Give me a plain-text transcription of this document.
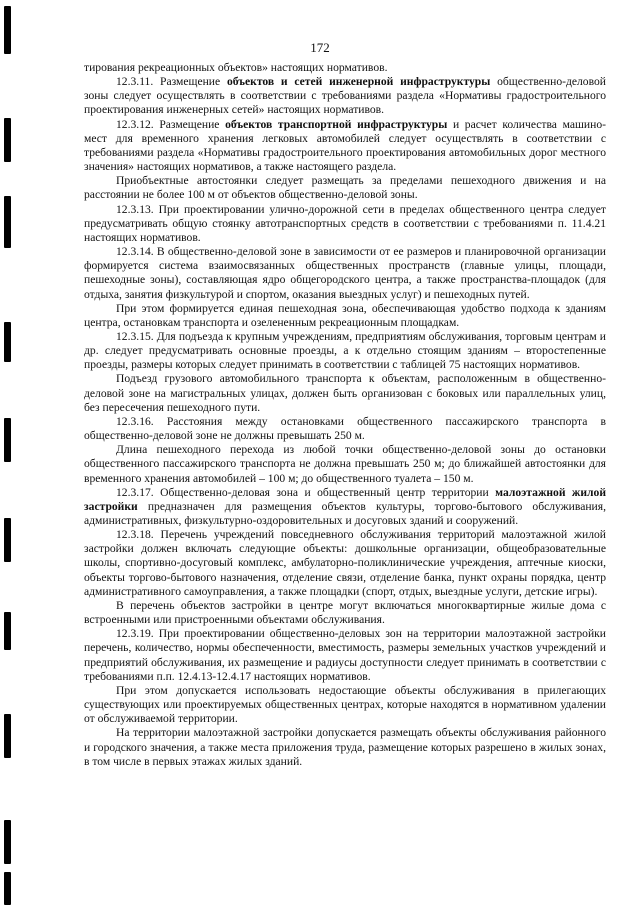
172

тирования рекреационных объектов» настоящих нормативов.

12.3.11. Размещение объектов и сетей инженерной инфраструктуры общественно-деловой зоны следует осуществлять в соответствии с требованиями раздела «Нормативы градостроительного проектирования инженерных сетей» настоящих нормативов.

12.3.12. Размещение объектов транспортной инфраструктуры и расчет количества машино-мест для временного хранения легковых автомобилей следует осуществлять в соответствии с требованиями раздела «Нормативы градостроительного проектирования автомобильных дорог местного значения» настоящих нормативов, а также настоящего раздела.

Приобъектные автостоянки следует размещать за пределами пешеходного движения и на расстоянии не более 100 м от объектов общественно-деловой зоны.

12.3.13. При проектировании улично-дорожной сети в пределах общественного центра следует предусматривать общую стоянку автотранспортных средств в соответствии с требованиями п. 11.4.21 настоящих нормативов.

12.3.14. В общественно-деловой зоне в зависимости от ее размеров и планировочной организации формируется система взаимосвязанных общественных пространств (главные улицы, площади, пешеходные зоны), составляющая ядро общегородского центра, а также пространства-площадок (для отдыха, занятия физкультурой и спортом, оказания выездных услуг) и пешеходных путей.

При этом формируется единая пешеходная зона, обеспечивающая удобство подхода к зданиям центра, остановкам транспорта и озелененным рекреационным площадкам.

12.3.15. Для подъезда к крупным учреждениям, предприятиям обслуживания, торговым центрам и др. следует предусматривать основные проезды, а к отдельно стоящим зданиям – второстепенные проезды, размеры которых следует принимать в соответствии с таблицей 75 настоящих нормативов.

Подъезд грузового автомобильного транспорта к объектам, расположенным в общественно-деловой зоне на магистральных улицах, должен быть организован с боковых или параллельных улиц, без пересечения пешеходного пути.

12.3.16. Расстояния между остановками общественного пассажирского транспорта в общественно-деловой зоне не должны превышать 250 м.

Длина пешеходного перехода из любой точки общественно-деловой зоны до остановки общественного пассажирского транспорта не должна превышать 250 м; до ближайшей автостоянки для временного хранения автомобилей – 100 м; до общественного туалета – 150 м.

12.3.17. Общественно-деловая зона и общественный центр территории малоэтажной жилой застройки предназначен для размещения объектов культуры, торгово-бытового обслуживания, административных, физкультурно-оздоровительных и досуговых зданий и сооружений.

12.3.18. Перечень учреждений повседневного обслуживания территорий малоэтажной жилой застройки должен включать следующие объекты: дошкольные организации, общеобразовательные школы, спортивно-досуговый комплекс, амбулаторно-поликлинические учреждения, аптечные киоски, объекты торгово-бытового назначения, отделение связи, отделение банка, пункт охраны порядка, центр административного самоуправления, а также площадки (спорт, отдых, выездные услуги, детские игры).

В перечень объектов застройки в центре могут включаться многоквартирные жилые дома с встроенными или пристроенными объектами обслуживания.

12.3.19. При проектировании общественно-деловых зон на территории малоэтажной застройки перечень, количество, нормы обеспеченности, вместимость, размеры земельных участков учреждений и предприятий обслуживания, их размещение и радиусы доступности следует принимать в соответствии с требованиями п.п. 12.4.13-12.4.17 настоящих нормативов.

При этом допускается использовать недостающие объекты обслуживания в прилегающих существующих или проектируемых общественных центрах, которые находятся в нормативном удалении от обслуживаемой территории.

На территории малоэтажной застройки допускается размещать объекты обслуживания районного и городского значения, а также места приложения труда, размещение которых разрешено в жилых зонах, в том числе в первых этажах жилых зданий.
